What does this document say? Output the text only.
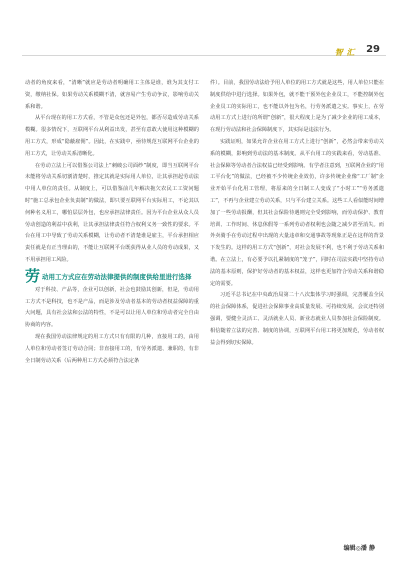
智 汇 29

动者的角度来看，“清晰”就应是劳动者明确用工主体是谁，谁为其支付工资，缴纳社保。如果劳动关系模糊不清，就容易产生劳动争议，影响劳动关系和谐。

从平台现在的用工方式看，不管是众包还是外包，都否尽造成劳动关系模糊。很多情况下，互联网平台从利益出发，甚至有意敢大使用这种模糊的用工方式，形成“隐蔽雇佣”。因此，在实践中，亟待规范互联网平台企业的用工方式，让劳动关系清晰化。

在劳动立法上可以借鉴公司法上“刺破公司面纱”制度，即当互联网平台未能将劳动关系切割清楚时，推定其就是实际用人单位，让其承担起劳动法中用人单位的责任。从制度上，可以借鉴前几年解决拖欠农民工工资问题时“施工总承包企业负责制”的做法，即只要互联网平台实际用工，不论其以何种名义用工，哪怕层层外包，也应承担法律责任。因为平台企业从众人员劳动创造的利益中获利，让其承担法律责任符合权利义务一致性的要求。平台在用工中导致了劳动关系模糊，让劳动者不清楚谁是雇主，平台承担相应责任就是有正当理由的，不能让互联网平台既获得从业人员的劳动成果，又不用承担用工风险。

劳动用工方式应在劳动法律提供的制度供给里进行选择

对于科技、产品等，企业可以创新，社会也鼓励其创新，但是，劳动用工方式不是科技，也不是产品，而是涉及劳动者基本的劳动者权益保障的重大问题，具有社会法和公法的特性，不是可以让用人单位和劳动者完全自由协商的内容。

现在我国劳动法律规定的用工方式只有有限的几种，直接用工的，由用人单位和劳动者签订劳动合同；非直接用工的，有劳务派遣、兼职的，有非全日制劳动关系（后两种用工方式必须符合法定条

件）。目前，我国劳动法给予用人单位的用工方式就是这些，用人单位只能在制度供给中进行选择。如果外包，就不能干预外包企业员工，不能控制外包企业员工的实际用工，也不能以外包为名，行劳务派遣之实。事实上，在劳动用工方式上进行的所谓“创新”，很大程度上是为了减少企业的用工成本，在现行劳动法和社会保障制度下，其实际是违法行为。

实践证明，如果允许企业在用工方式上进行“创新”，必然会带来劳动关系的模糊，影响到劳动法的基本制度。从平台用工的实践来看，劳动基准、社会保障等劳动者合法权益已经受到影响。有学者注意到，互联网企业的“用工平台化”的做法，已经被不少传统企业效仿，许多传统企业像“工厂制”企业开始平台化用工管理，将原来的全日制工人变成了“小时工”“劳务派遣工”，不再与企业建立劳动关系，只与平台建立关系。这些工人看似能时间增加了一些劳动报酬，但其社会保险待遇则完全受到影响，而劳动保护、教育培训、工作时间、休息休假等一系列劳动者权利也会随之减少甚至消失。而外卖骑手在劳动过程中出现的大量违章和交通事故等现象正是在这样的背景下发生的。这样的用工方式“创新”，对社会发展不利，也不利于劳动关系和谐。在立法上，有必要予以扎紧制度的“笼子”，同时在司法实践中坚持劳动法的基本原则，保护好劳动者的基本权益，这样也更加符合劳动关系和谐稳定的需要。

习近平总书记在中央政治局第二十八次集体学习时强调，完善覆盖全民的社会保障体系，促进社会保障事业高质量发展、可持续发展。会议还特别强调，要健全灵活工、灵活就业人员、新业态就业人员参加社会保险制度。相信随着立法的完善、制度的协调，互联网平台用工将更加规范，劳动者权益会得到切实保障。

编辑◎潘 静
